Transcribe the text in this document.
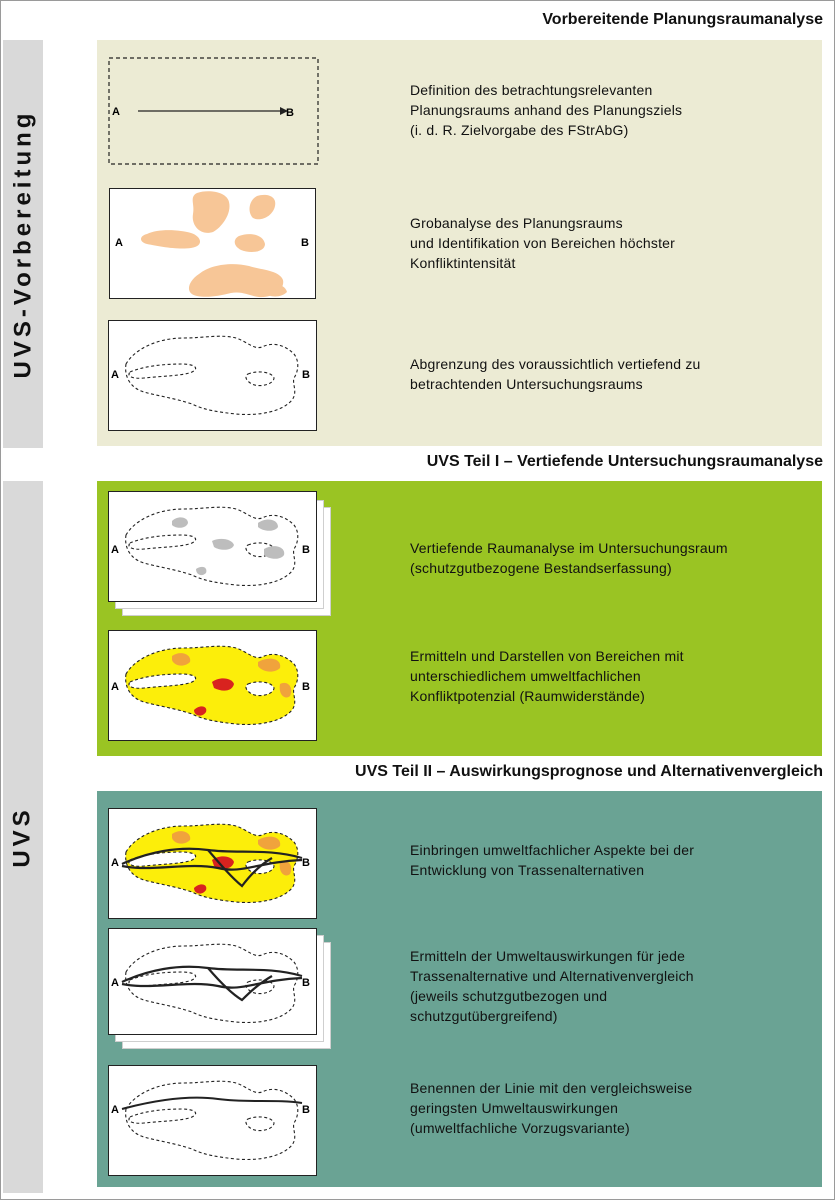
UVS-Vorbereitung
UVS
Vorbereitende Planungsraumanalyse
UVS Teil I – Vertiefende Untersuchungsraumanalyse
UVS Teil II – Auswirkungsprognose und Alternativenvergleich
A	B
Definition des betrachtungsrelevanten
Planungsraums anhand des Planungsziels
(i. d. R. Zielvorgabe des FStrAbG)
A	B
Grobanalyse des Planungsraums
und Identifikation von Bereichen höchster
Konfliktintensität
A	B
Abgrenzung des voraussichtlich vertiefend zu
betrachtenden Untersuchungsraums
A	B	Vertiefende Raumanalyse im Untersuchungsraum
(schutzgutbezogene Bestandserfassung)
A	B
Ermitteln und Darstellen von Bereichen mit
unterschiedlichem umweltfachlichen
Konfliktpotenzial (Raumwiderstände)
A	B
Einbringen umweltfachlicher Aspekte bei der
Entwicklung von Trassenalternativen
A	B
Ermitteln der Umweltauswirkungen für jede
Trassenalternative und Alternativenvergleich
(jeweils schutzgutbezogen und
schutzgutübergreifend)
A	B
Benennen der Linie mit den vergleichsweise
geringsten Umweltauswirkungen
(umweltfachliche Vorzugsvariante)
